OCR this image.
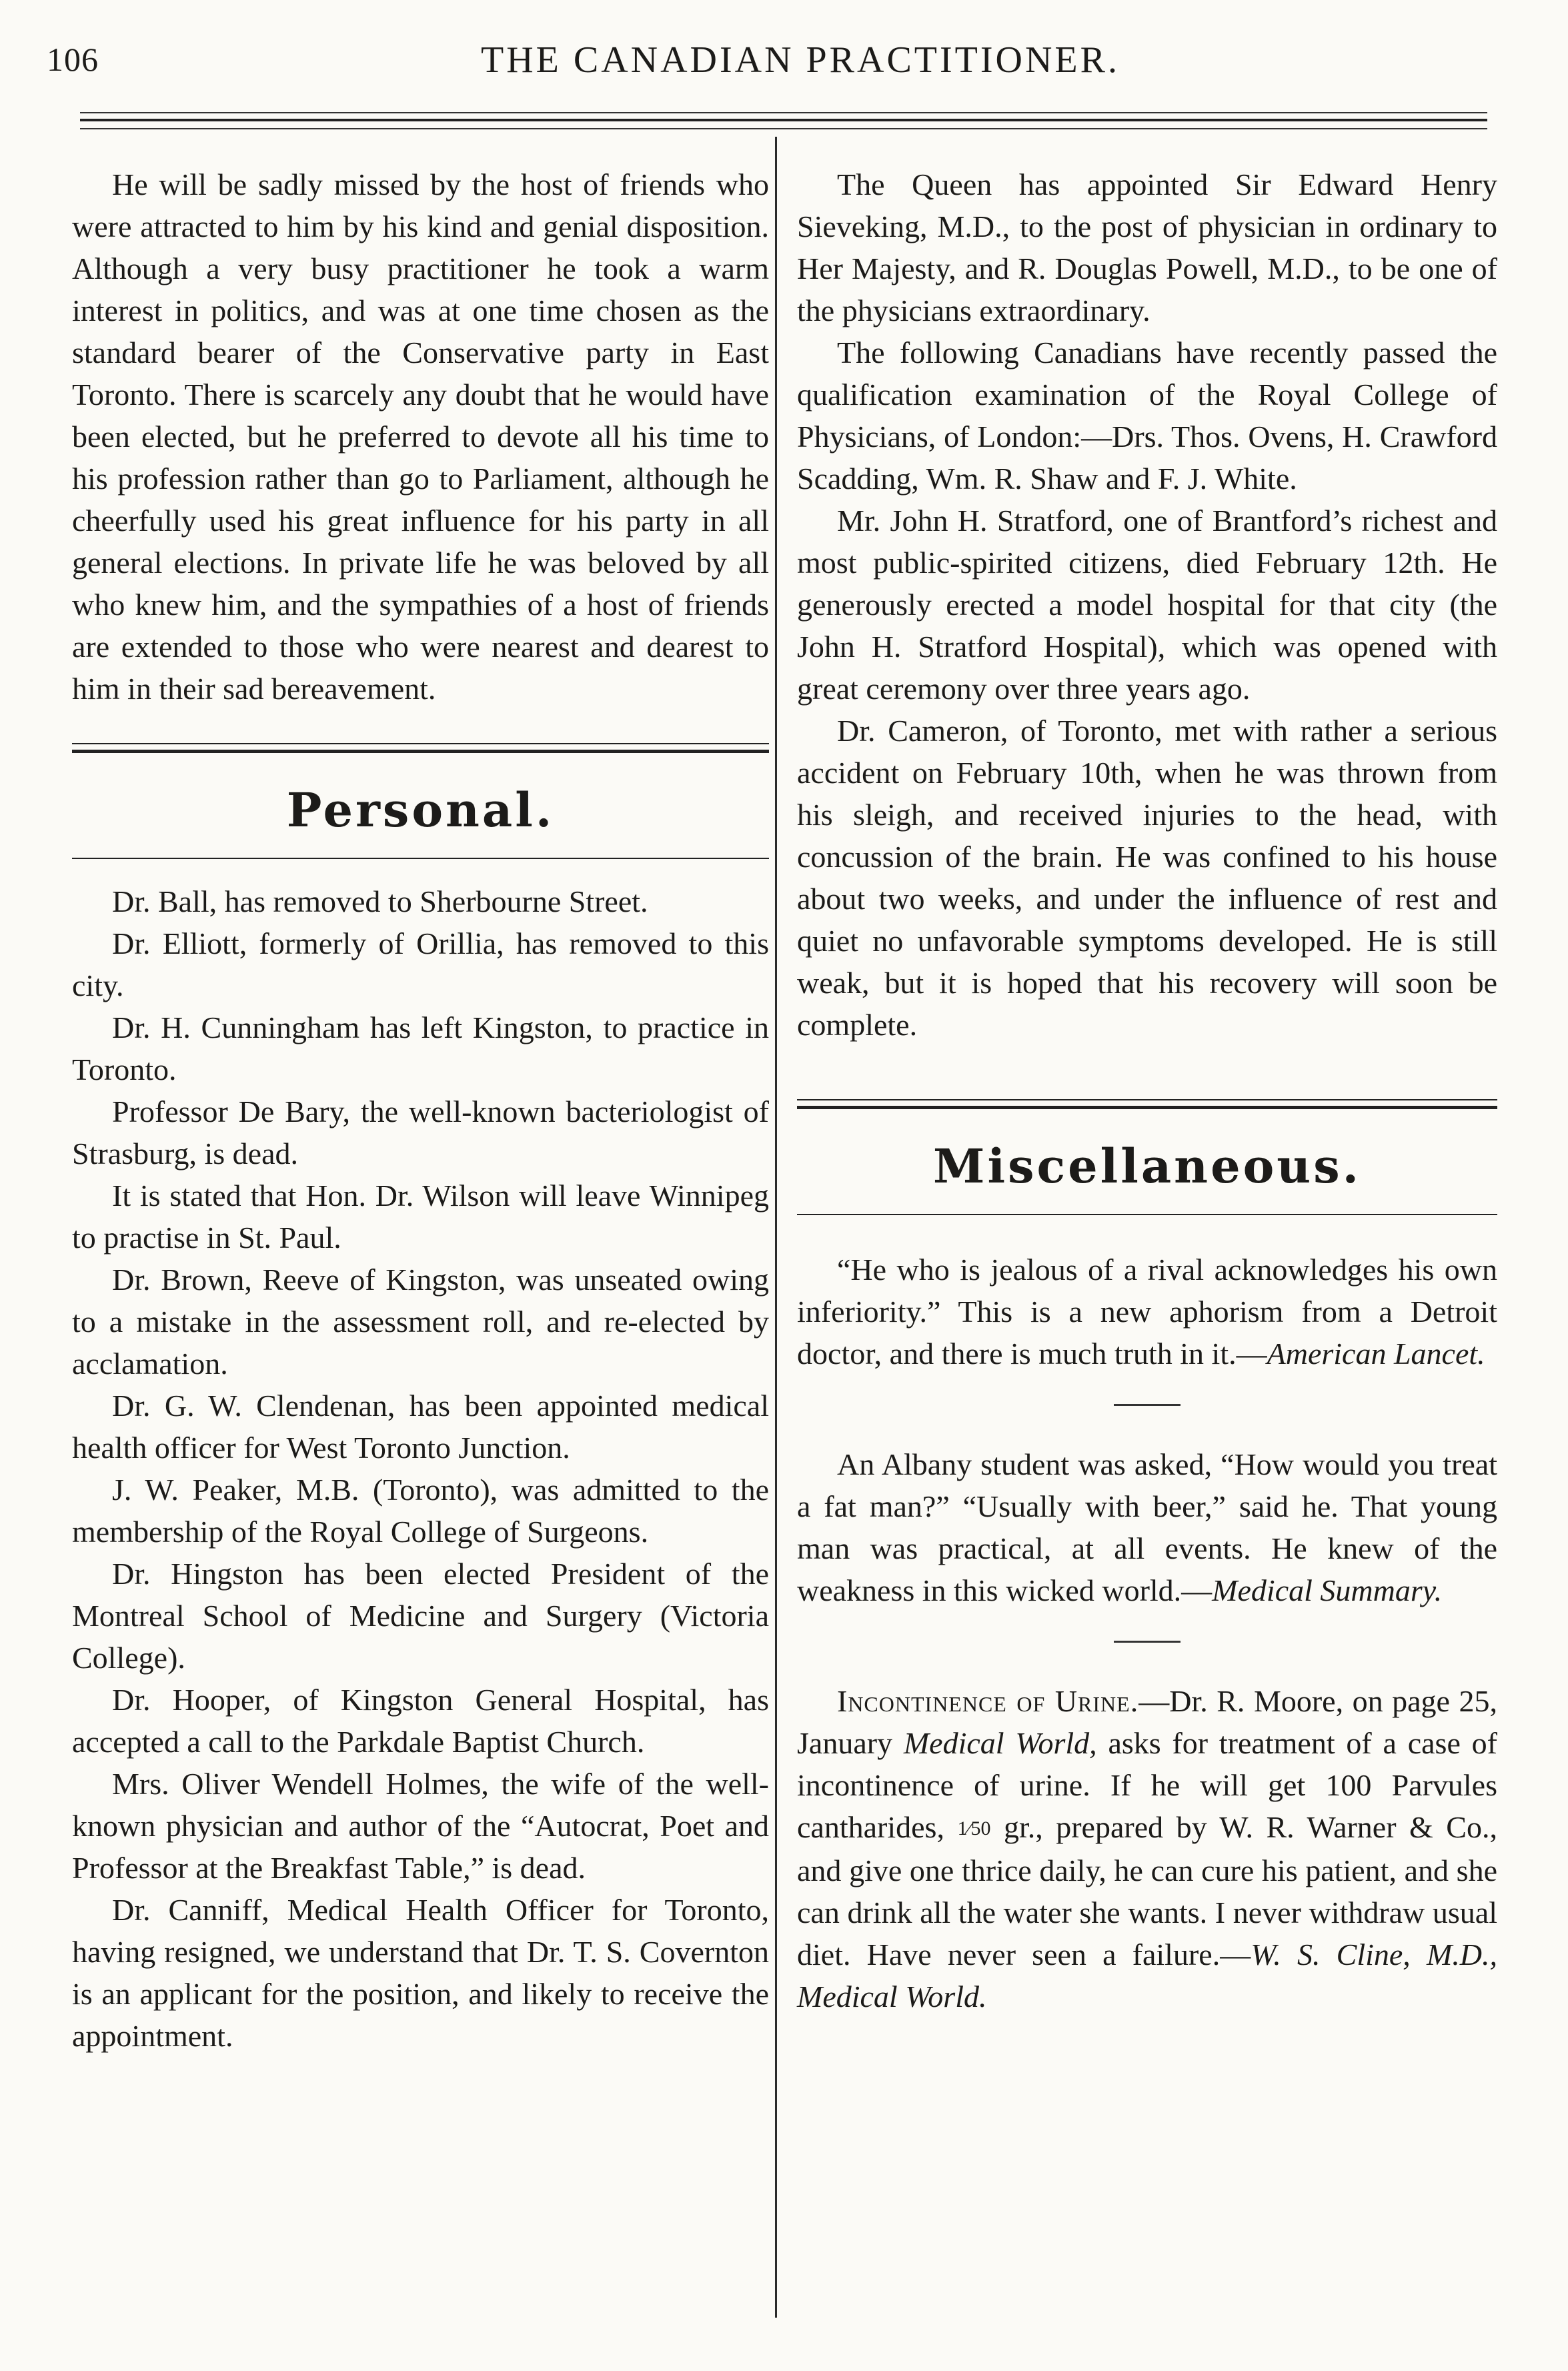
106	THE CANADIAN PRACTITIONER.

He will be sadly missed by the host of friends who were attracted to him by his kind and genial disposition. Although a very busy practitioner he took a warm interest in politics, and was at one time chosen as the standard bearer of the Conservative party in East Toronto. There is scarcely any doubt that he would have been elected, but he preferred to devote all his time to his profession rather than go to Parliament, although he cheerfully used his great influence for his party in all general elections. In private life he was beloved by all who knew him, and the sympathies of a host of friends are extended to those who were nearest and dearest to him in their sad bereavement.

Personal.

Dr. Ball, has removed to Sherbourne Street.

Dr. Elliott, formerly of Orillia, has removed to this city.

Dr. H. Cunningham has left Kingston, to practice in Toronto.

Professor De Bary, the well-known bacteriologist of Strasburg, is dead.

It is stated that Hon. Dr. Wilson will leave Winnipeg to practise in St. Paul.

Dr. Brown, Reeve of Kingston, was unseated owing to a mistake in the assessment roll, and re-elected by acclamation.

Dr. G. W. Clendenan, has been appointed medical health officer for West Toronto Junction.

J. W. Peaker, M.B. (Toronto), was admitted to the membership of the Royal College of Surgeons.

Dr. Hingston has been elected President of the Montreal School of Medicine and Surgery (Victoria College).

Dr. Hooper, of Kingston General Hospital, has accepted a call to the Parkdale Baptist Church.

Mrs. Oliver Wendell Holmes, the wife of the well-known physician and author of the “Autocrat, Poet and Professor at the Breakfast Table,” is dead.

Dr. Canniff, Medical Health Officer for Toronto, having resigned, we understand that Dr. T. S. Covernton is an applicant for the position, and likely to receive the appointment.

The Queen has appointed Sir Edward Henry Sieveking, M.D., to the post of physician in ordinary to Her Majesty, and R. Douglas Powell, M.D., to be one of the physicians extraordinary.

The following Canadians have recently passed the qualification examination of the Royal College of Physicians, of London:—Drs. Thos. Ovens, H. Crawford Scadding, Wm. R. Shaw and F. J. White.

Mr. John H. Stratford, one of Brantford’s richest and most public-spirited citizens, died February 12th. He generously erected a model hospital for that city (the John H. Stratford Hospital), which was opened with great ceremony over three years ago.

Dr. Cameron, of Toronto, met with rather a serious accident on February 10th, when he was thrown from his sleigh, and received injuries to the head, with concussion of the brain. He was confined to his house about two weeks, and under the influence of rest and quiet no unfavorable symptoms developed. He is still weak, but it is hoped that his recovery will soon be complete.

Miscellaneous.

“He who is jealous of a rival acknowledges his own inferiority.” This is a new aphorism from a Detroit doctor, and there is much truth in it.—American Lancet.

An Albany student was asked, “How would you treat a fat man?” “Usually with beer,” said he. That young man was practical, at all events. He knew of the weakness in this wicked world.—Medical Summary.

Incontinence of Urine.—Dr. R. Moore, on page 25, January Medical World, asks for treatment of a case of incontinence of urine. If he will get 100 Parvules cantharides, 1⁄50 gr., prepared by W. R. Warner & Co., and give one thrice daily, he can cure his patient, and she can drink all the water she wants. I never withdraw usual diet. Have never seen a failure.—W. S. Cline, M.D., Medical World.
